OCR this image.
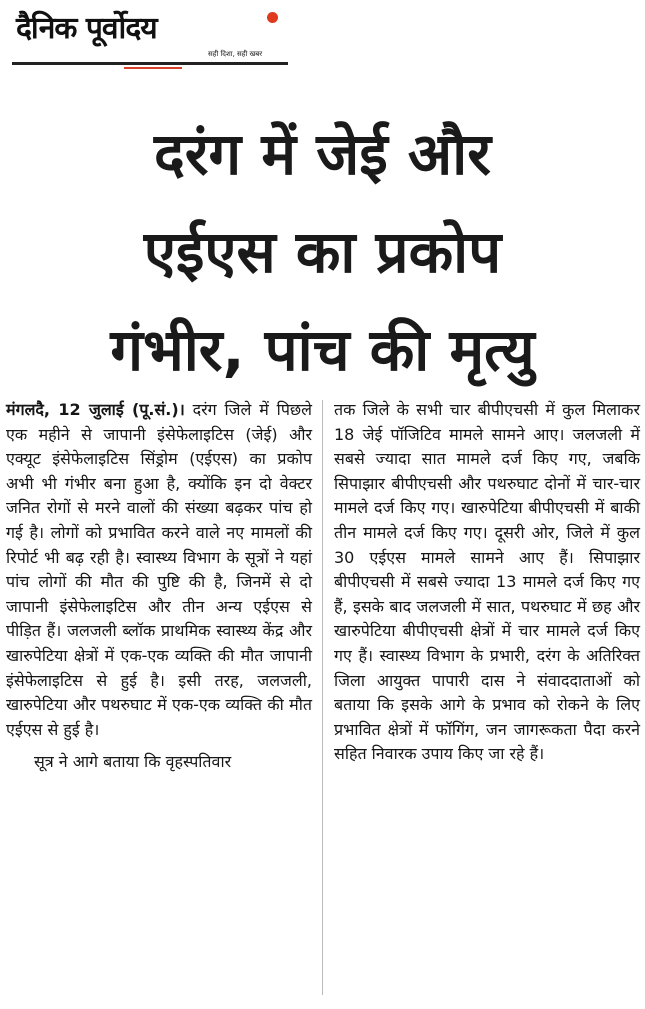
दैनिक पूर्वोदय
सही दिशा, सही खबर
दरंग में जेई और
एईएस का प्रकोप
गंभीर, पांच की मृत्यु

मंगलदै, 12 जुलाई (पू.सं.)। दरंग जिले में पिछले एक महीने से जापानी इंसेफेलाइटिस (जेई) और एक्यूट इंसेफेलाइटिस सिंड्रोम (एईएस) का प्रकोप अभी भी गंभीर बना हुआ है, क्योंकि इन दो वेक्टर जनित रोगों से मरने वालों की संख्या बढ़कर पांच हो गई है। लोगों को प्रभावित करने वाले नए मामलों की रिपोर्ट भी बढ़ रही है। स्वास्थ्य विभाग के सूत्रों ने यहां पांच लोगों की मौत की पुष्टि की है, जिनमें से दो जापानी इंसेफेलाइटिस और तीन अन्य एईएस से पीड़ित हैं। जलजली ब्लॉक प्राथमिक स्वास्थ्य केंद्र और खारुपेटिया क्षेत्रों में एक-एक व्यक्ति की मौत जापानी इंसेफेलाइटिस से हुई है। इसी तरह, जलजली, खारुपेटिया और पथरुघाट में एक-एक व्यक्ति की मौत एईएस से हुई है।

सूत्र ने आगे बताया कि वृहस्पतिवार

तक जिले के सभी चार बीपीएचसी में कुल मिलाकर 18 जेई पॉजिटिव मामले सामने आए। जलजली में सबसे ज्यादा सात मामले दर्ज किए गए, जबकि सिपाझार बीपीएचसी और पथरुघाट दोनों में चार-चार मामले दर्ज किए गए। खारुपेटिया बीपीएचसी में बाकी तीन मामले दर्ज किए गए। दूसरी ओर, जिले में कुल 30 एईएस मामले सामने आए हैं। सिपाझार बीपीएचसी में सबसे ज्यादा 13 मामले दर्ज किए गए हैं, इसके बाद जलजली में सात, पथरुघाट में छह और खारुपेटिया बीपीएचसी क्षेत्रों में चार मामले दर्ज किए गए हैं। स्वास्थ्य विभाग के प्रभारी, दरंग के अतिरिक्त जिला आयुक्त पापारी दास ने संवाददाताओं को बताया कि इसके आगे के प्रभाव को रोकने के लिए प्रभावित क्षेत्रों में फॉगिंग, जन जागरूकता पैदा करने सहित निवारक उपाय किए जा रहे हैं।
